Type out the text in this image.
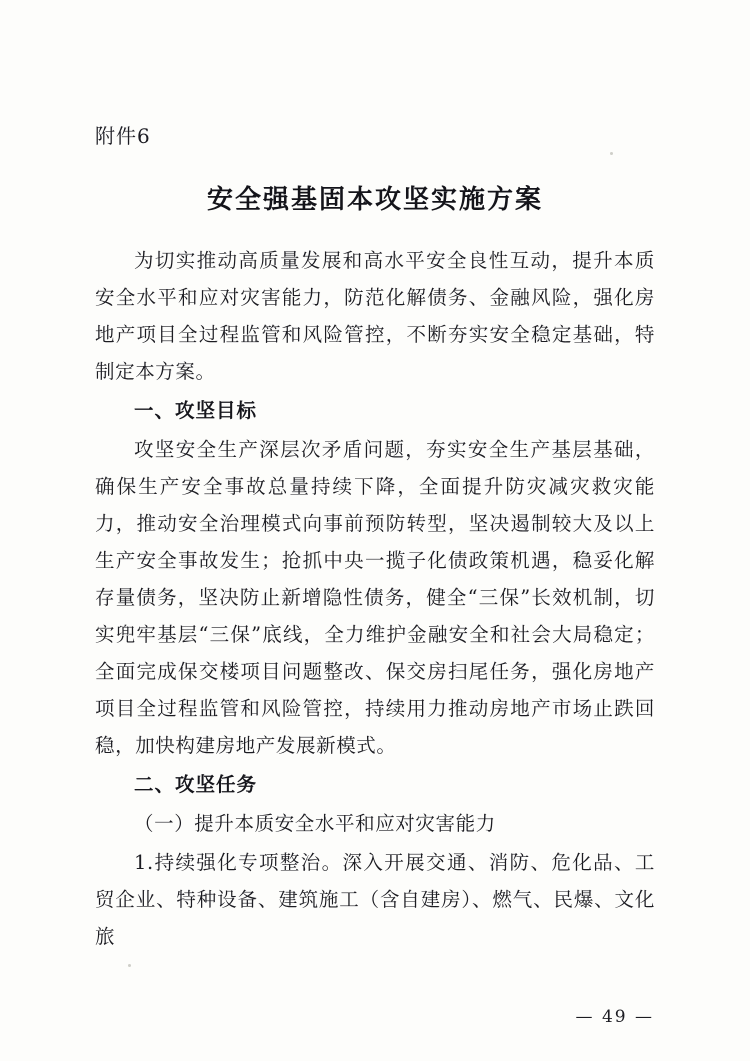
附件6
安全强基固本攻坚实施方案

为切实推动高质量发展和高水平安全良性互动，提升本质安全水平和应对灾害能力，防范化解债务、金融风险，强化房地产项目全过程监管和风险管控，不断夯实安全稳定基础，特制定本方案。

一、攻坚目标

攻坚安全生产深层次矛盾问题，夯实安全生产基层基础，确保生产安全事故总量持续下降，全面提升防灾减灾救灾能力，推动安全治理模式向事前预防转型，坚决遏制较大及以上生产安全事故发生；抢抓中央一揽子化债政策机遇，稳妥化解存量债务，坚决防止新增隐性债务，健全“三保”长效机制，切实兜牢基层“三保”底线，全力维护金融安全和社会大局稳定；全面完成保交楼项目问题整改、保交房扫尾任务，强化房地产项目全过程监管和风险管控，持续用力推动房地产市场止跌回稳，加快构建房地产发展新模式。

二、攻坚任务

（一）提升本质安全水平和应对灾害能力

1.持续强化专项整治。深入开展交通、消防、危化品、工贸企业、特种设备、建筑施工（含自建房）、燃气、民爆、文化旅

— 49 —
